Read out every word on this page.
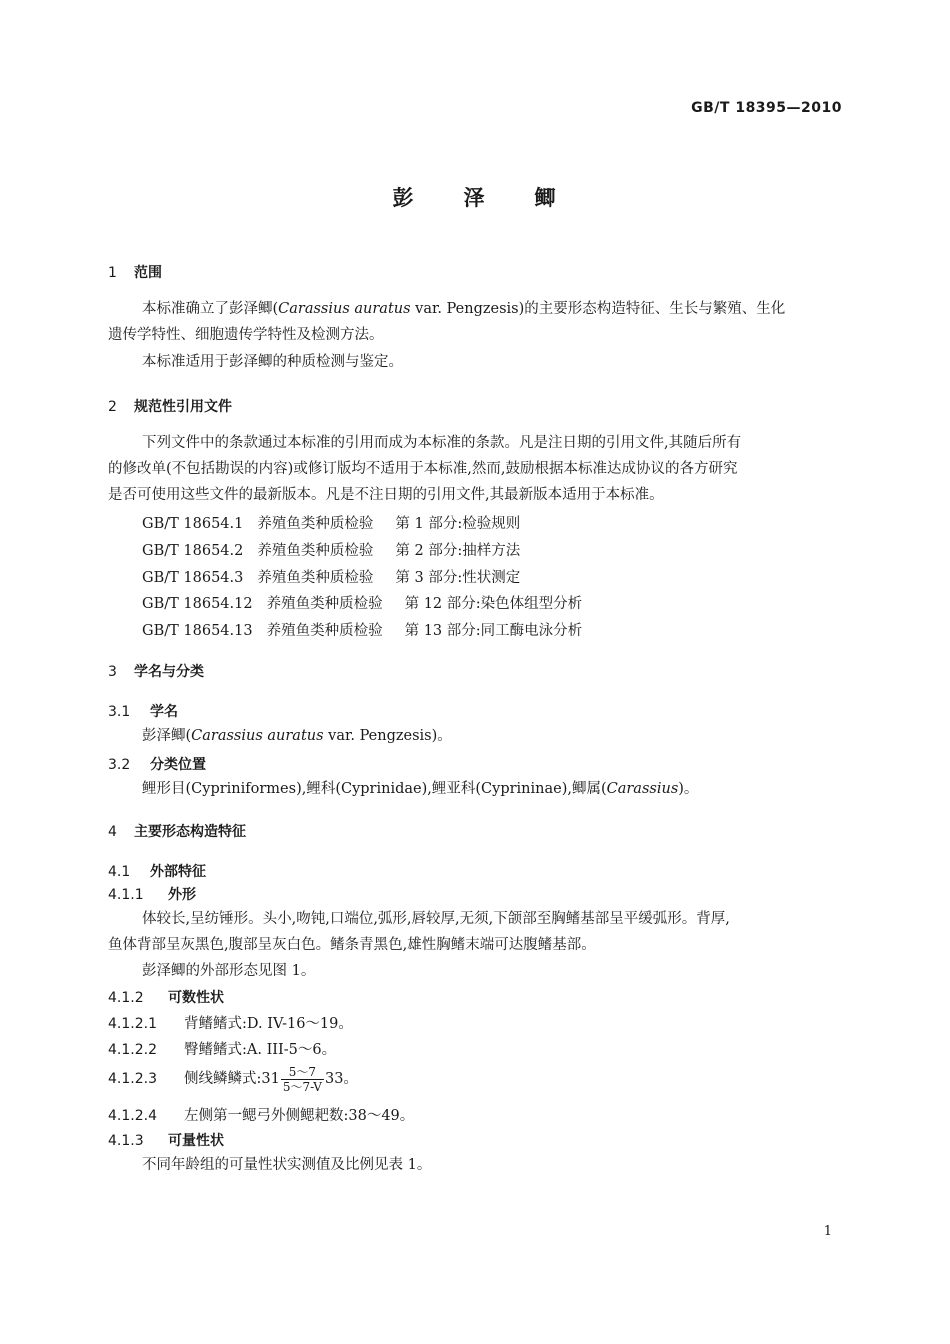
GB/T 18395—2010
彭 泽 鲫
1 范围
本标准确立了彭泽鲫(Carassius auratus var. Pengzesis)的主要形态构造特征、生长与繁殖、生化
遗传学特性、细胞遗传学特性及检测方法。
本标准适用于彭泽鲫的种质检测与鉴定。
2 规范性引用文件
下列文件中的条款通过本标准的引用而成为本标准的条款。凡是注日期的引用文件,其随后所有
的修改单(不包括勘误的内容)或修订版均不适用于本标准,然而,鼓励根据本标准达成协议的各方研究
是否可使用这些文件的最新版本。凡是不注日期的引用文件,其最新版本适用于本标准。
GB/T 18654.1 养殖鱼类种质检验 第 1 部分:检验规则
GB/T 18654.2 养殖鱼类种质检验 第 2 部分:抽样方法
GB/T 18654.3 养殖鱼类种质检验 第 3 部分:性状测定
GB/T 18654.12 养殖鱼类种质检验 第 12 部分:染色体组型分析
GB/T 18654.13 养殖鱼类种质检验 第 13 部分:同工酶电泳分析
3 学名与分类
3.1 学名
彭泽鲫(Carassius auratus var. Pengzesis)。
3.2 分类位置
鲤形目(Cypriniformes),鲤科(Cyprinidae),鲤亚科(Cyprininae),鲫属(Carassius)。
4 主要形态构造特征
4.1 外部特征
4.1.1 外形
体较长,呈纺锤形。头小,吻钝,口端位,弧形,唇较厚,无须,下颌部至胸鳍基部呈平缓弧形。背厚,
鱼体背部呈灰黑色,腹部呈灰白色。鳍条青黑色,雄性胸鳍末端可达腹鳍基部。
彭泽鲫的外部形态见图 1。
4.1.2 可数性状
4.1.2.1 背鳍鳍式:D. IV-16～19。
4.1.2.2 臀鳍鳍式:A. III-5～6。
4.1.2.3 侧线鳞鳞式:31 $\frac{5\sim 7}{5\sim 7-V} 33$。
4.1.2.4 左侧第一鳃弓外侧鳃耙数:38～49。
4.1.3 可量性状
不同年龄组的可量性状实测值及比例见表 1。
1
